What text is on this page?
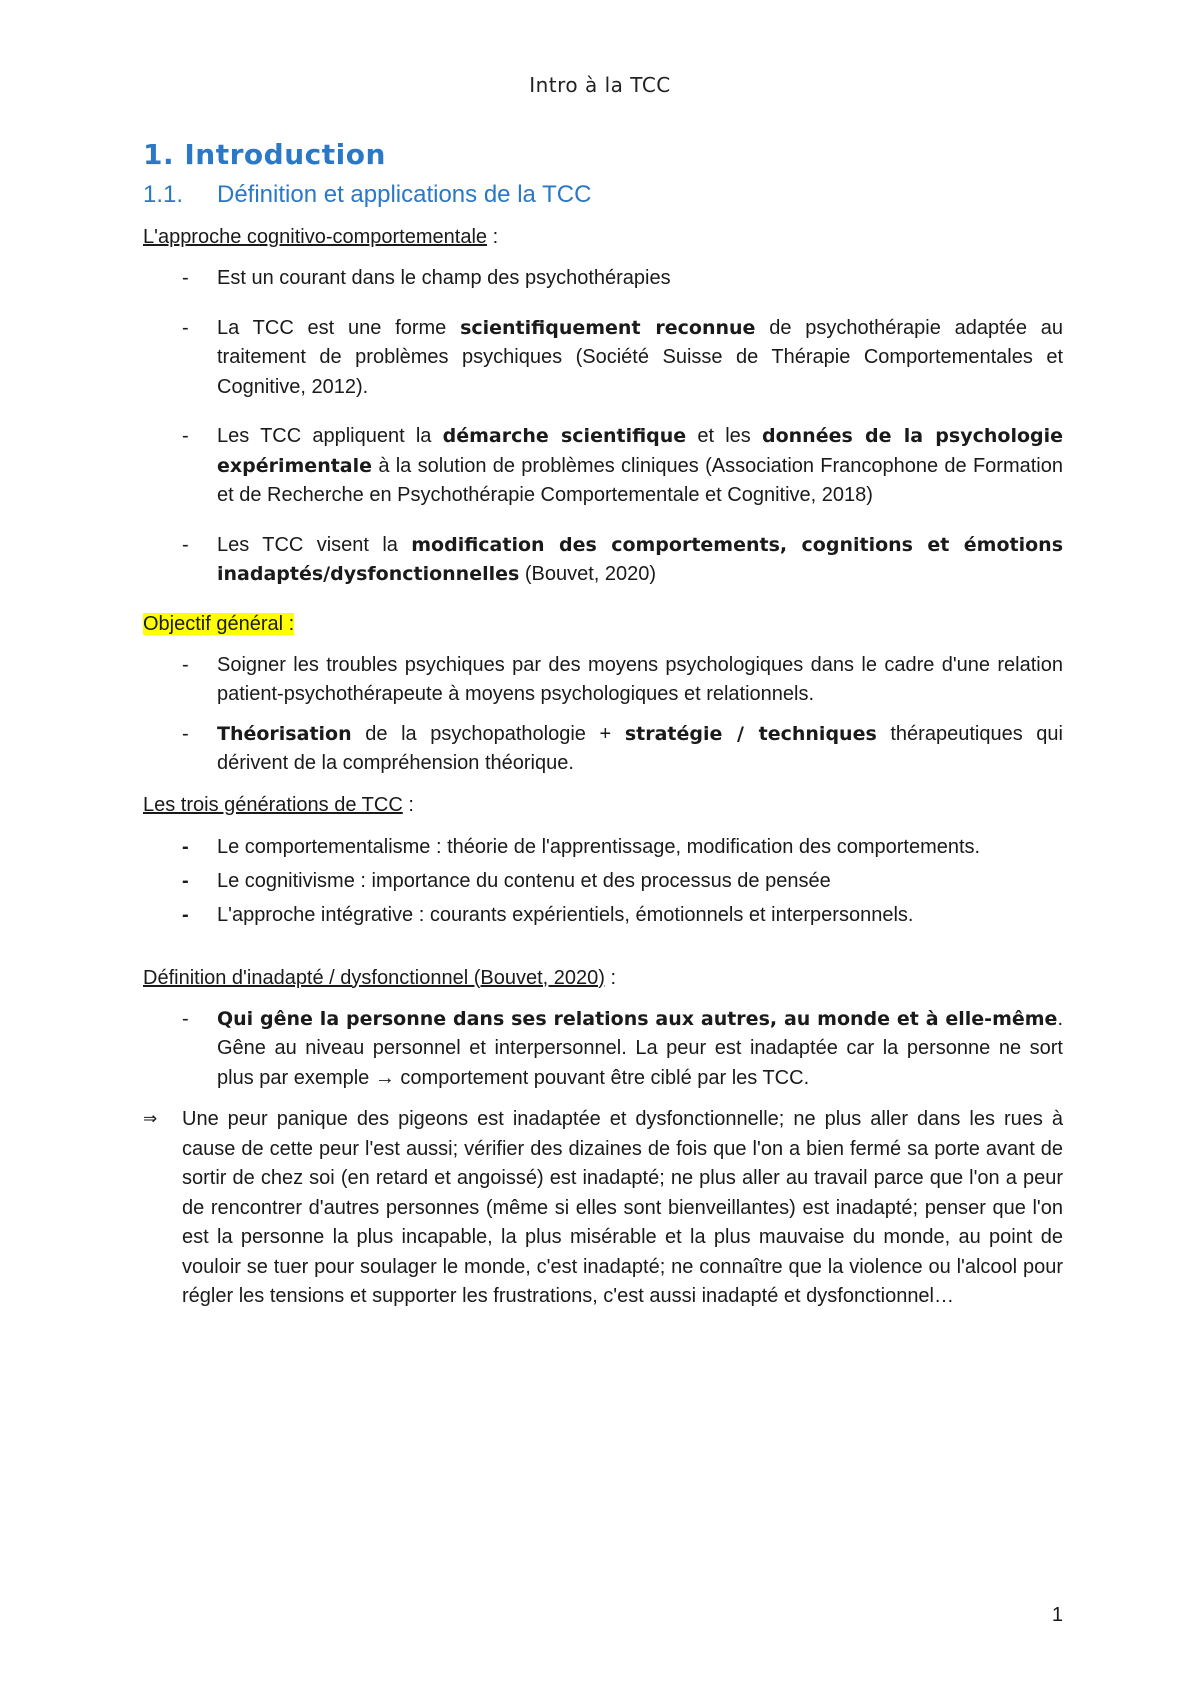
Intro à la TCC
1. Introduction
1.1. Définition et applications de la TCC

L'approche cognitivo-comportementale :

- Est un courant dans le champ des psychothérapies
- La TCC est une forme scientifiquement reconnue de psychothérapie adaptée au traitement de problèmes psychiques (Société Suisse de Thérapie Comportementales et Cognitive, 2012).
- Les TCC appliquent la démarche scientifique et les données de la psychologie expérimentale à la solution de problèmes cliniques (Association Francophone de Formation et de Recherche en Psychothérapie Comportementale et Cognitive, 2018)
- Les TCC visent la modification des comportements, cognitions et émotions inadaptés/dysfonctionnelles (Bouvet, 2020)

Objectif général :

- Soigner les troubles psychiques par des moyens psychologiques dans le cadre d'une relation patient-psychothérapeute à moyens psychologiques et relationnels.
- Théorisation de la psychopathologie + stratégie / techniques thérapeutiques qui dérivent de la compréhension théorique.

Les trois générations de TCC :

- Le comportementalisme : théorie de l'apprentissage, modification des comportements.
- Le cognitivisme : importance du contenu et des processus de pensée
- L'approche intégrative : courants expérientiels, émotionnels et interpersonnels.

Définition d'inadapté / dysfonctionnel (Bouvet, 2020) :

- Qui gêne la personne dans ses relations aux autres, au monde et à elle-même. Gêne au niveau personnel et interpersonnel. La peur est inadaptée car la personne ne sort plus par exemple → comportement pouvant être ciblé par les TCC.
⇒ Une peur panique des pigeons est inadaptée et dysfonctionnelle; ne plus aller dans les rues à cause de cette peur l'est aussi; vérifier des dizaines de fois que l'on a bien fermé sa porte avant de sortir de chez soi (en retard et angoissé) est inadapté; ne plus aller au travail parce que l'on a peur de rencontrer d'autres personnes (même si elles sont bienveillantes) est inadapté; penser que l'on est la personne la plus incapable, la plus misérable et la plus mauvaise du monde, au point de vouloir se tuer pour soulager le monde, c'est inadapté; ne connaître que la violence ou l'alcool pour régler les tensions et supporter les frustrations, c'est aussi inadapté et dysfonctionnel…
1
